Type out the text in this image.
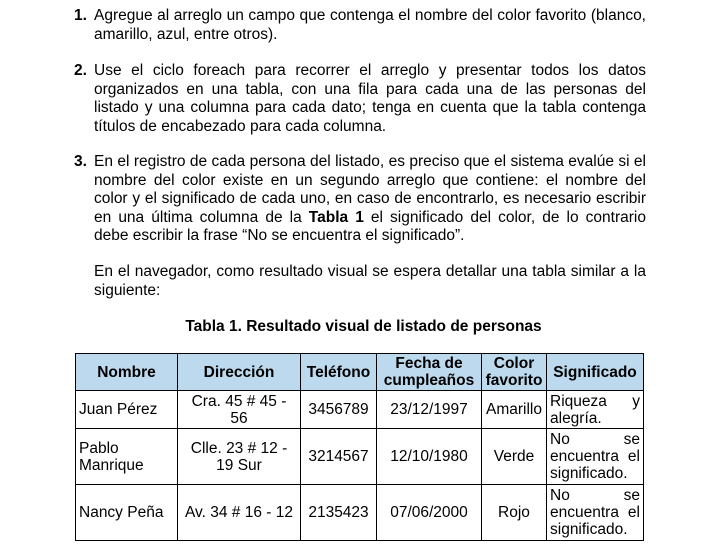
1. Agregue al arreglo un campo que contenga el nombre del color favorito (blanco, amarillo, azul, entre otros).
2. Use el ciclo foreach para recorrer el arreglo y presentar todos los datos organizados en una tabla, con una fila para cada una de las personas del listado y una columna para cada dato; tenga en cuenta que la tabla contenga títulos de encabezado para cada columna.
3. En el registro de cada persona del listado, es preciso que el sistema evalúe si el nombre del color existe en un segundo arreglo que contiene: el nombre del color y el significado de cada uno, en caso de encontrarlo, es necesario escribir en una última columna de la Tabla 1 el significado del color, de lo contrario debe escribir la frase “No se encuentra el significado”.
En el navegador, como resultado visual se espera detallar una tabla similar a la siguiente:
Tabla 1. Resultado visual de listado de personas
Nombre	Dirección	Teléfono	Fecha de cumpleaños	Color favorito	Significado
Juan Pérez	Cra. 45 # 45 - 56	3456789	23/12/1997	Amarillo	Riqueza y alegría.
Pablo Manrique	Clle. 23 # 12 - 19 Sur	3214567	12/10/1980	Verde	No se encuentra el significado.
Nancy Peña	Av. 34 # 16 - 12	2135423	07/06/2000	Rojo	No se encuentra el significado.
